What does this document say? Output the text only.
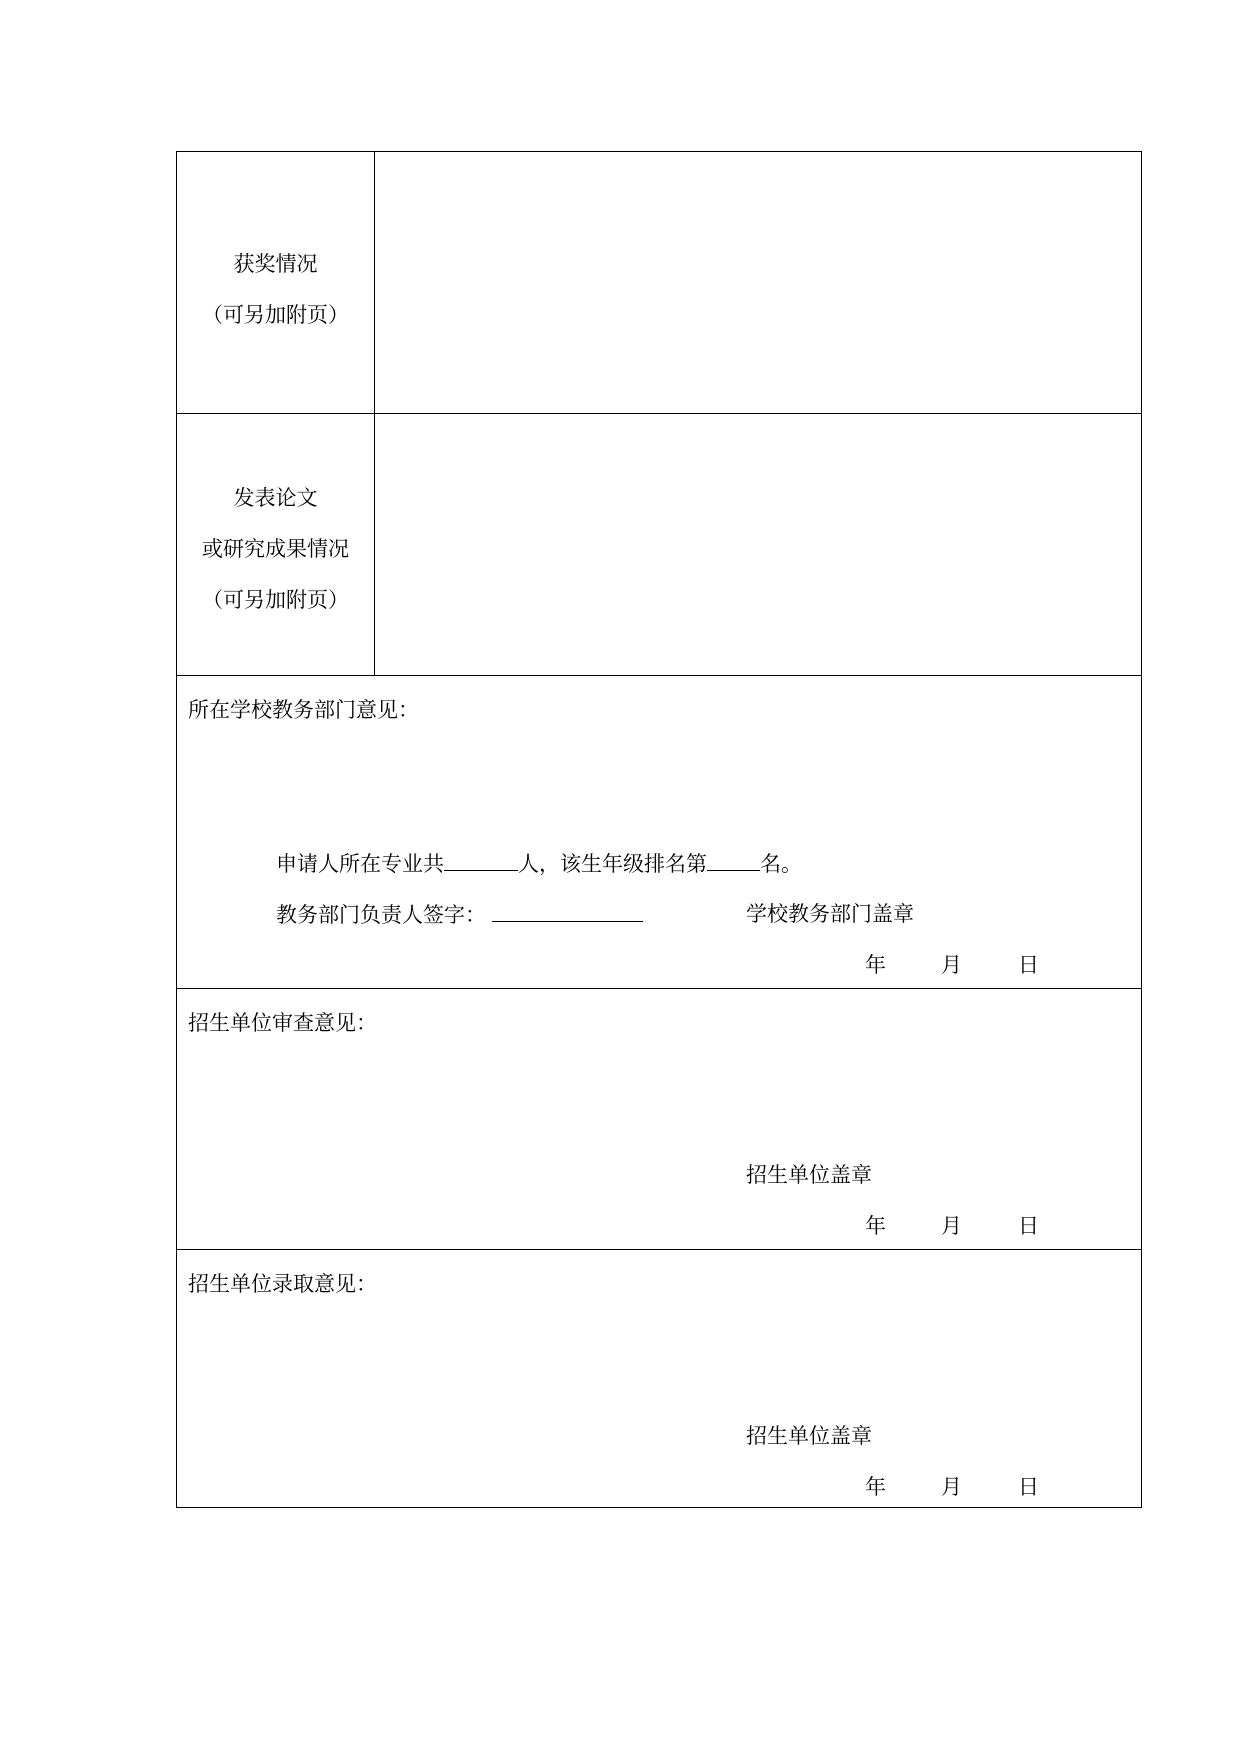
获奖情况
（可另加附页）
发表论文
或研究成果情况
（可另加附页）
所在学校教务部门意见：
申请人所在专业共	人，该生年级排名第	名。
教务部门负责人签字：	学校教务部门盖章
年	月	日
招生单位审查意见：
招生单位盖章
年	月	日
招生单位录取意见：
招生单位盖章
年	月	日
